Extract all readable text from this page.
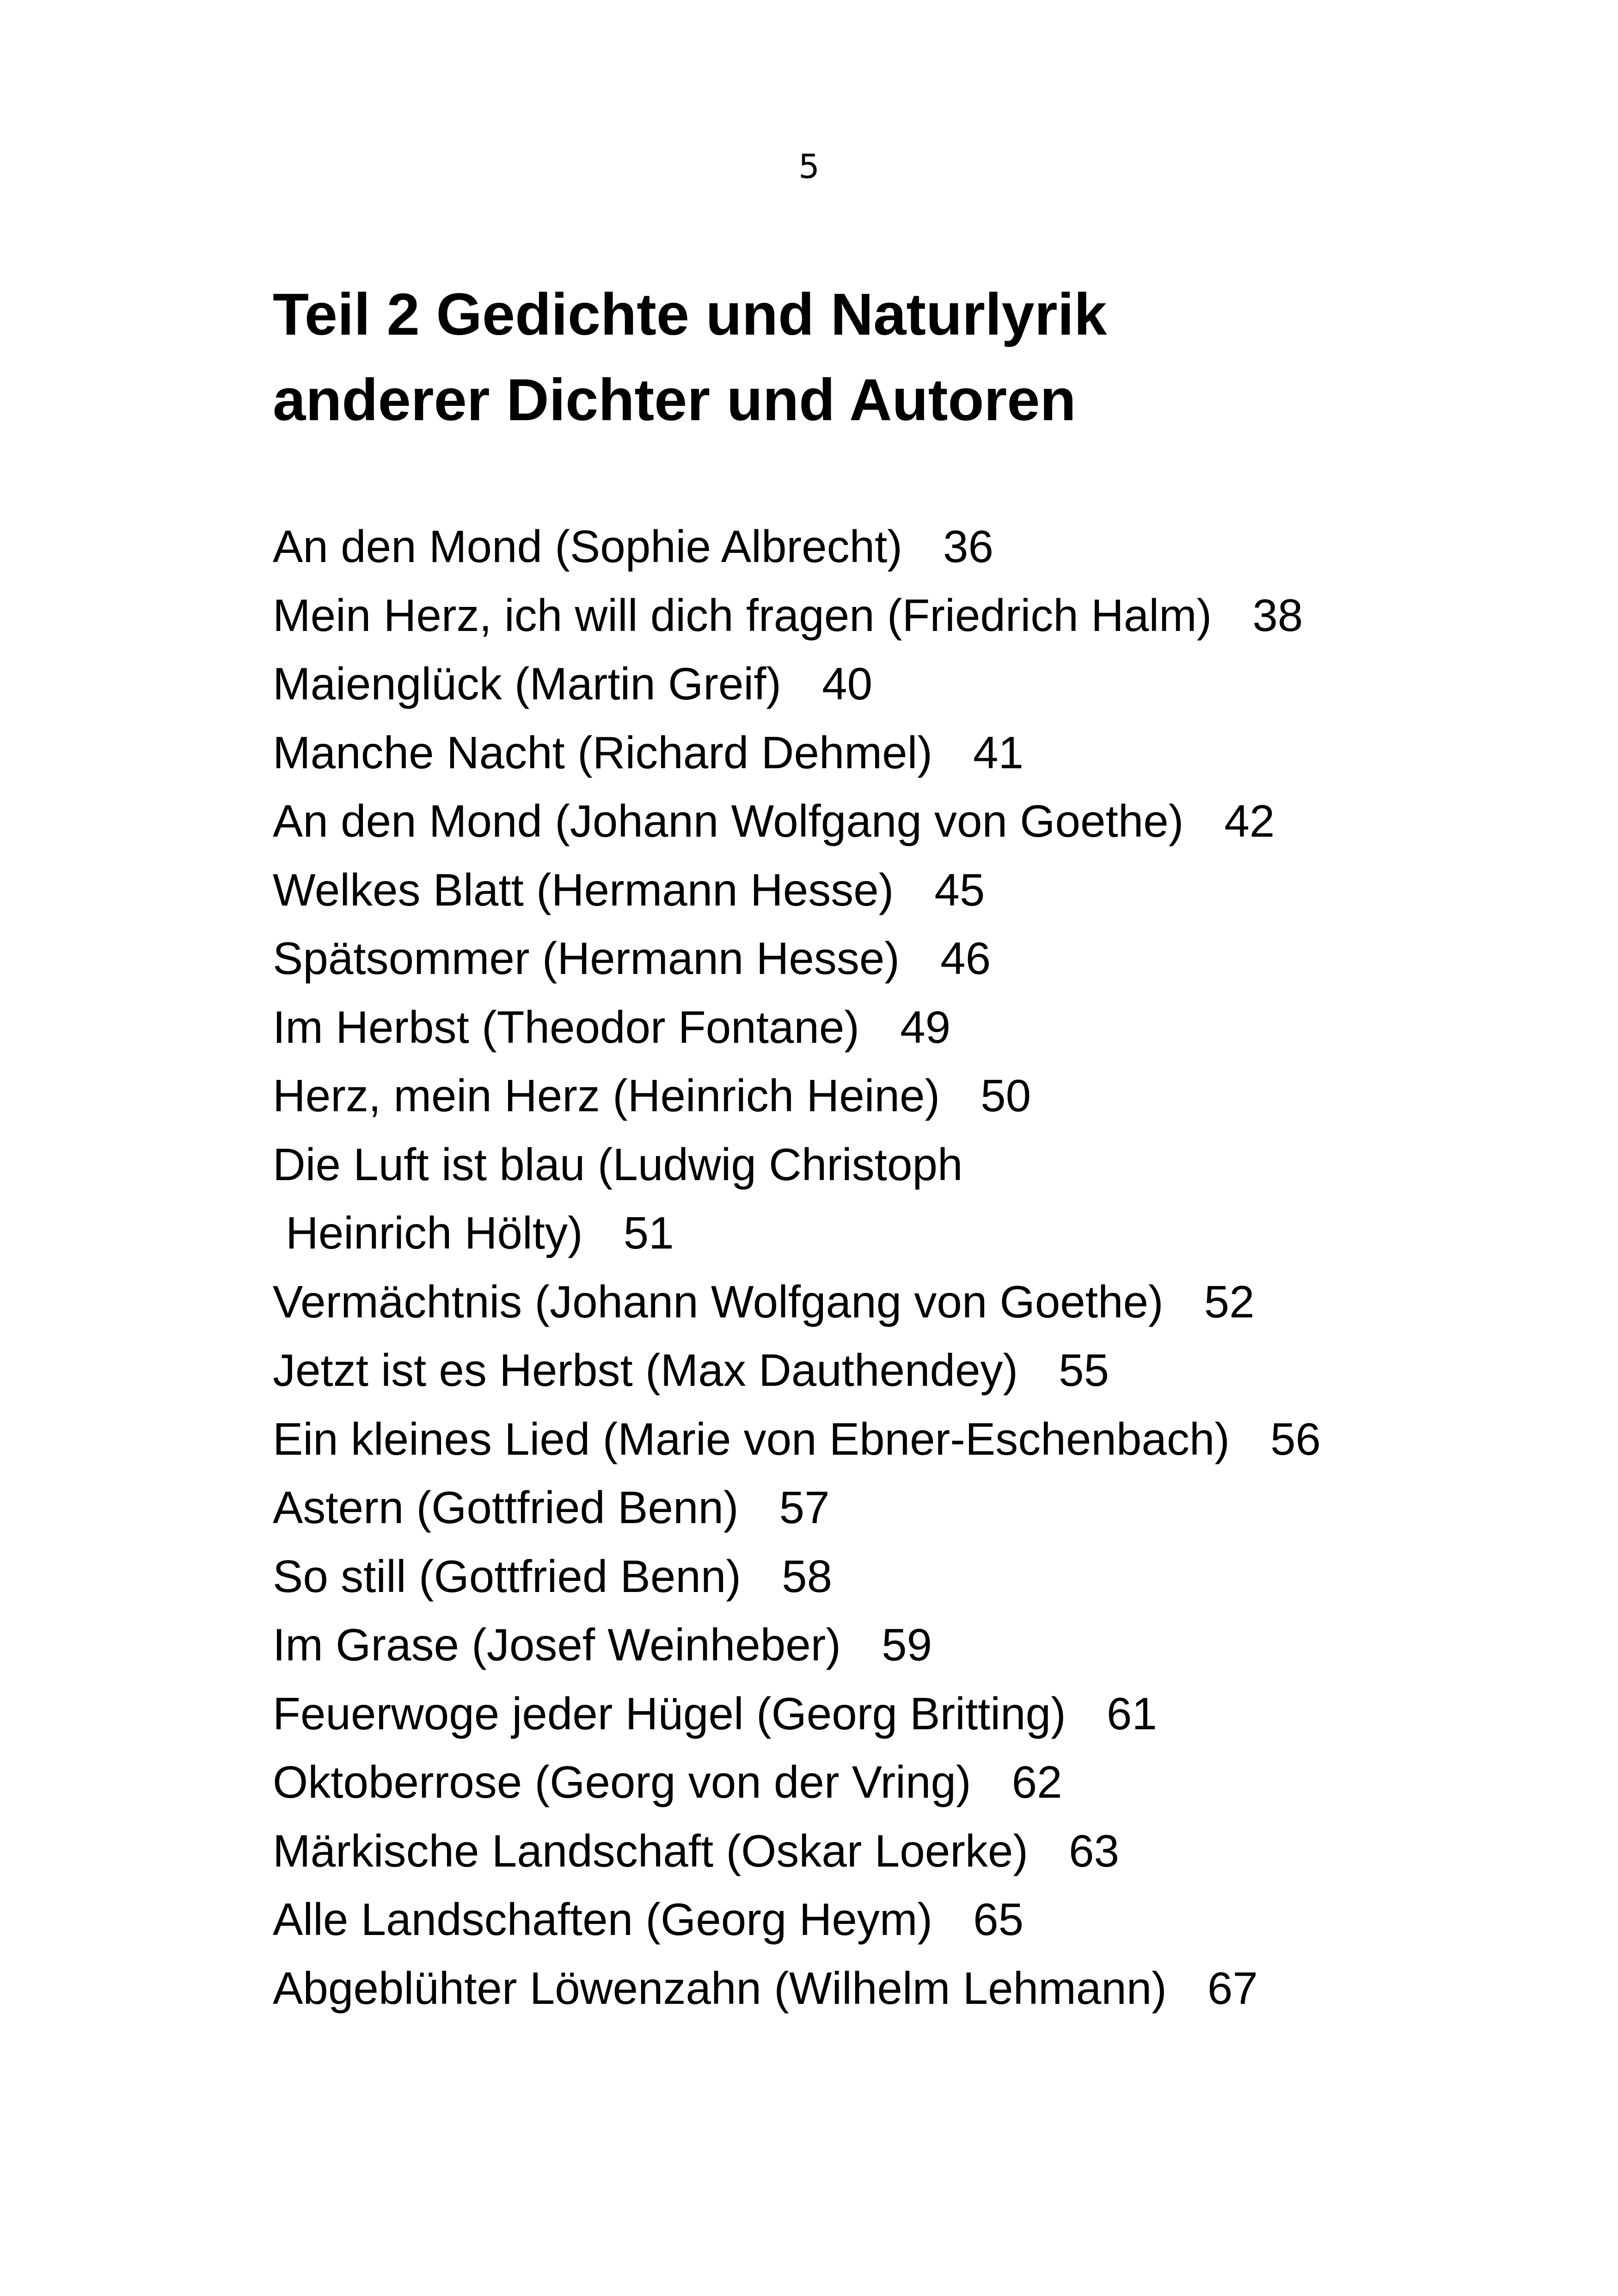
5
Teil 2 Gedichte und Naturlyrik
anderer Dichter und Autoren
An den Mond (Sophie Albrecht) 36
Mein Herz, ich will dich fragen (Friedrich Halm) 38
Maienglück (Martin Greif) 40
Manche Nacht (Richard Dehmel) 41
An den Mond (Johann Wolfgang von Goethe) 42
Welkes Blatt (Hermann Hesse) 45
Spätsommer (Hermann Hesse) 46
Im Herbst (Theodor Fontane) 49
Herz, mein Herz (Heinrich Heine) 50
Die Luft ist blau (Ludwig Christoph
Heinrich Hölty) 51
Vermächtnis (Johann Wolfgang von Goethe) 52
Jetzt ist es Herbst (Max Dauthendey) 55
Ein kleines Lied (Marie von Ebner-Eschenbach) 56
Astern (Gottfried Benn) 57
So still (Gottfried Benn) 58
Im Grase (Josef Weinheber) 59
Feuerwoge jeder Hügel (Georg Britting) 61
Oktoberrose (Georg von der Vring) 62
Märkische Landschaft (Oskar Loerke) 63
Alle Landschaften (Georg Heym) 65
Abgeblühter Löwenzahn (Wilhelm Lehmann) 67
